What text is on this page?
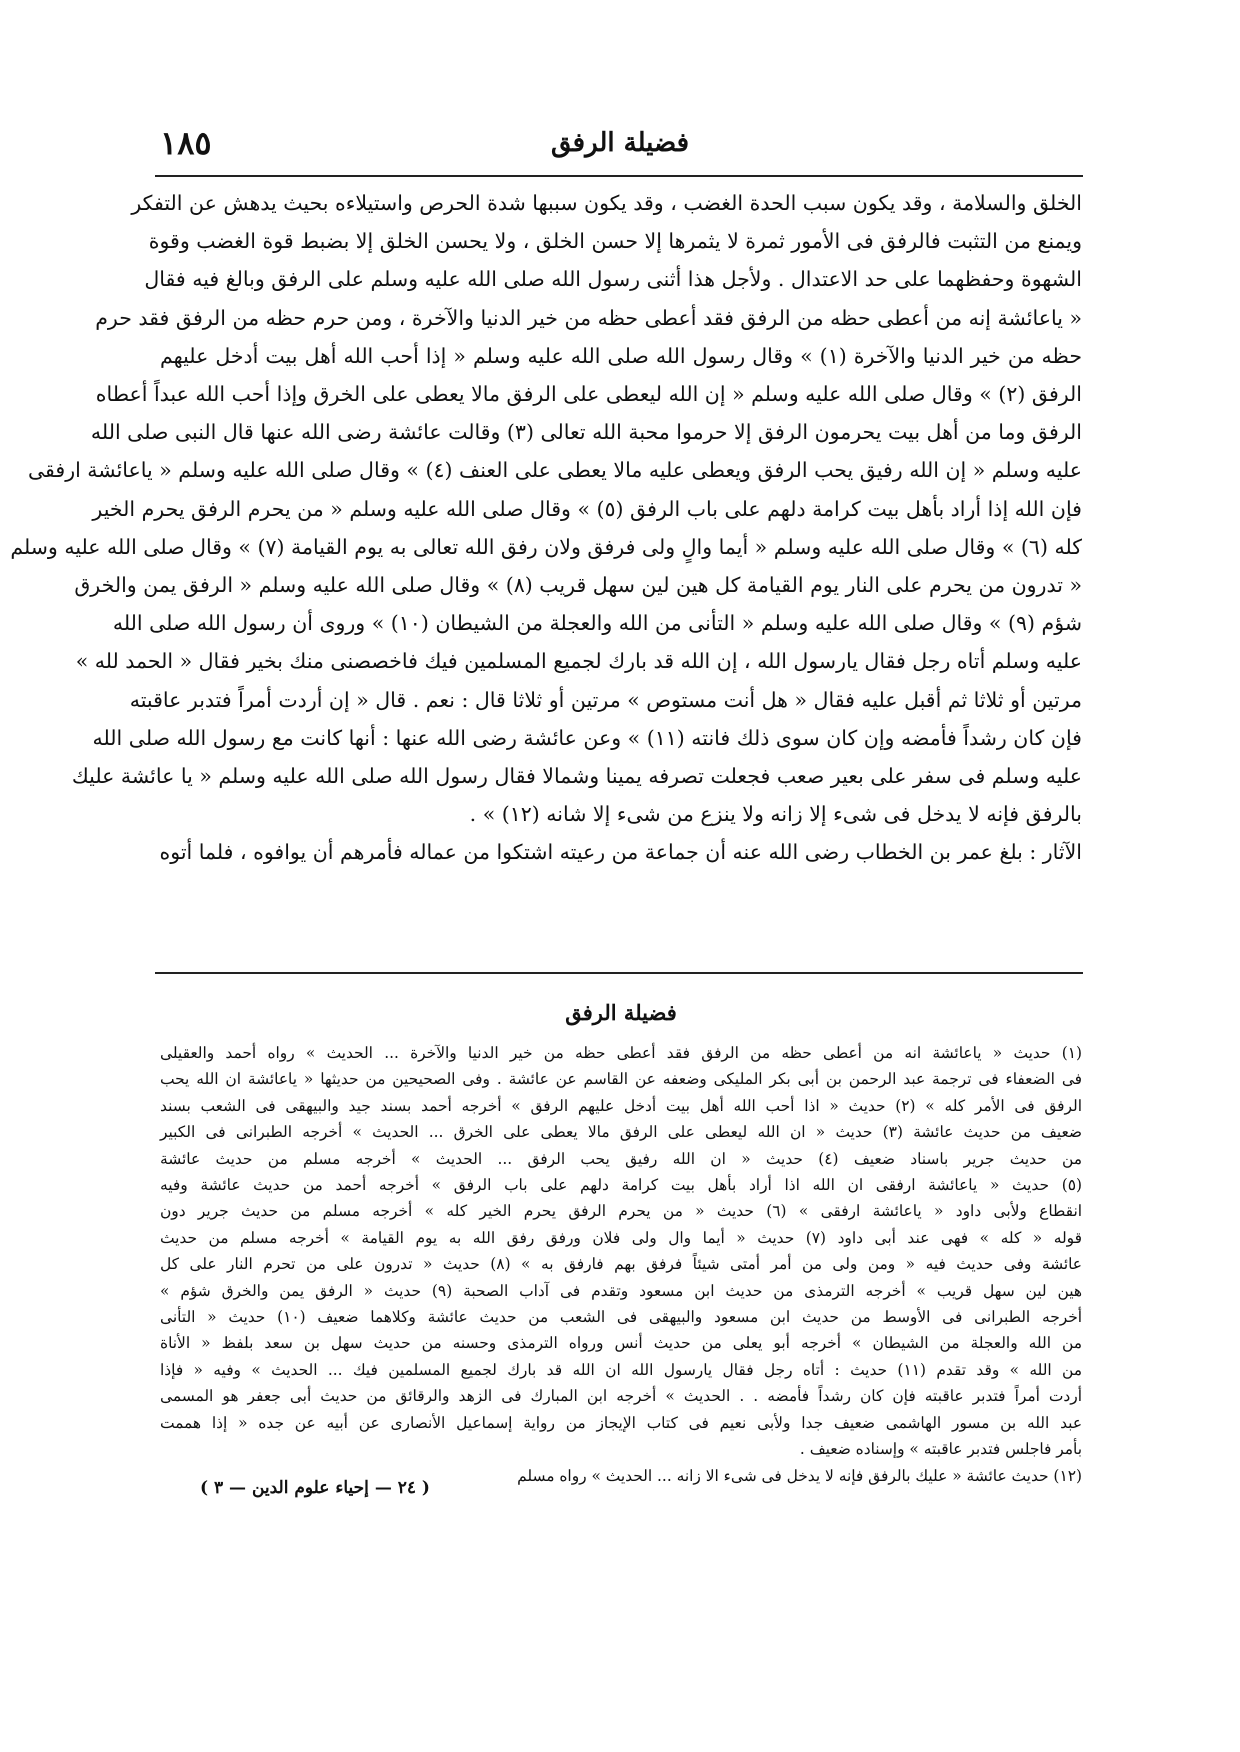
فضيلة الرفق
١٨٥
الخلق والسلامة ، وقد يكون سبب الحدة الغضب ، وقد يكون سببها شدة الحرص واستيلاءه بحيث يدهش عن التفكر
ويمنع من التثبت فالرفق فى الأمور ثمرة لا يثمرها إلا حسن الخلق ، ولا يحسن الخلق إلا بضبط قوة الغضب وقوة
الشهوة وحفظهما على حد الاعتدال . ولأجل هذا أثنى رسول الله صلى الله عليه وسلم على الرفق وبالغ فيه فقال
« ياعائشة إنه من أعطى حظه من الرفق فقد أعطى حظه من خير الدنيا والآخرة ، ومن حرم حظه من الرفق فقد حرم
حظه من خير الدنيا والآخرة (١) » وقال رسول الله صلى الله عليه وسلم « إذا أحب الله أهل بيت أدخل عليهم
الرفق (٢) » وقال صلى الله عليه وسلم « إن الله ليعطى على الرفق مالا يعطى على الخرق وإذا أحب الله عبداً أعطاه
الرفق وما من أهل بيت يحرمون الرفق إلا حرموا محبة الله تعالى (٣) وقالت عائشة رضى الله عنها قال النبى صلى الله
عليه وسلم « إن الله رفيق يحب الرفق ويعطى عليه مالا يعطى على العنف (٤) » وقال صلى الله عليه وسلم « ياعائشة ارفقى
فإن الله إذا أراد بأهل بيت كرامة دلهم على باب الرفق (٥) » وقال صلى الله عليه وسلم « من يحرم الرفق يحرم الخير
كله (٦) » وقال صلى الله عليه وسلم « أيما والٍ ولى فرفق ولان رفق الله تعالى به يوم القيامة (٧) » وقال صلى الله عليه وسلم
« تدرون من يحرم على النار يوم القيامة كل هين لين سهل قريب (٨) » وقال صلى الله عليه وسلم « الرفق يمن والخرق
شؤم (٩) » وقال صلى الله عليه وسلم « التأنى من الله والعجلة من الشيطان (١٠) » وروى أن رسول الله صلى الله
عليه وسلم أتاه رجل فقال يارسول الله ، إن الله قد بارك لجميع المسلمين فيك فاخصصنى منك بخير فقال « الحمد لله »
مرتين أو ثلاثا ثم أقبل عليه فقال « هل أنت مستوص » مرتين أو ثلاثا قال : نعم . قال « إن أردت أمراً فتدبر عاقبته
فإن كان رشداً فأمضه وإن كان سوى ذلك فانته (١١) » وعن عائشة رضى الله عنها : أنها كانت مع رسول الله صلى الله
عليه وسلم فى سفر على بعير صعب فجعلت تصرفه يمينا وشمالا فقال رسول الله صلى الله عليه وسلم « يا عائشة عليك
بالرفق فإنه لا يدخل فى شىء إلا زانه ولا ينزع من شىء إلا شانه (١٢) » .
الآثار : بلغ عمر بن الخطاب رضى الله عنه أن جماعة من رعيته اشتكوا من عماله فأمرهم أن يوافوه ، فلما أتوه
فضيلة الرفق
(١) حديث « ياعائشة انه من أعطى حظه من الرفق فقد أعطى حظه من خير الدنيا والآخرة ... الحديث » رواه أحمد والعقيلى
فى الضعفاء فى ترجمة عبد الرحمن بن أبى بكر المليكى وضعفه عن القاسم عن عائشة . وفى الصحيحين من حديثها « ياعائشة ان الله يحب
الرفق فى الأمر كله » (٢) حديث « اذا أحب الله أهل بيت أدخل عليهم الرفق » أخرجه أحمد بسند جيد والبيهقى فى الشعب بسند
ضعيف من حديث عائشة (٣) حديث « ان الله ليعطى على الرفق مالا يعطى على الخرق ... الحديث » أخرجه الطبرانى فى الكبير
من حديث جرير باسناد ضعيف (٤) حديث « ان الله رفيق يحب الرفق ... الحديث » أخرجه مسلم من حديث عائشة
(٥) حديث « ياعائشة ارفقى ان الله اذا أراد بأهل بيت كرامة دلهم على باب الرفق » أخرجه أحمد من حديث عائشة وفيه
انقطاع ولأبى داود « ياعائشة ارفقى » (٦) حديث « من يحرم الرفق يحرم الخير كله » أخرجه مسلم من حديث جرير دون
قوله « كله » فهى عند أبى داود (٧) حديث « أيما وال ولى فلان ورفق رفق الله به يوم القيامة » أخرجه مسلم من حديث
عائشة وفى حديث فيه « ومن ولى من أمر أمتى شيئاً فرفق بهم فارفق به » (٨) حديث « تدرون على من تحرم النار على كل
هين لين سهل قريب » أخرجه الترمذى من حديث ابن مسعود وتقدم فى آداب الصحبة (٩) حديث « الرفق يمن والخرق شؤم »
أخرجه الطبرانى فى الأوسط من حديث ابن مسعود والبيهقى فى الشعب من حديث عائشة وكلاهما ضعيف (١٠) حديث « التأنى
من الله والعجلة من الشيطان » أخرجه أبو يعلى من حديث أنس ورواه الترمذى وحسنه من حديث سهل بن سعد بلفظ « الأناة
من الله » وقد تقدم (١١) حديث : أتاه رجل فقال يارسول الله ان الله قد بارك لجميع المسلمين فيك ... الحديث » وفيه « فإذا
أردت أمراً فتدبر عاقبته فإن كان رشداً فأمضه . . الحديث » أخرجه ابن المبارك فى الزهد والرقائق من حديث أبى جعفر هو المسمى
عبد الله بن مسور الهاشمى ضعيف جدا ولأبى نعيم فى كتاب الإيجاز من رواية إسماعيل الأنصارى عن أبيه عن جده « إذا هممت
بأمر فاجلس فتدبر عاقبته » وإسناده ضعيف .
(١٢) حديث عائشة « عليك بالرفق فإنه لا يدخل فى شىء الا زانه ... الحديث » رواه مسلم
( ٢٤ — إحياء علوم الدين — ٣ )
